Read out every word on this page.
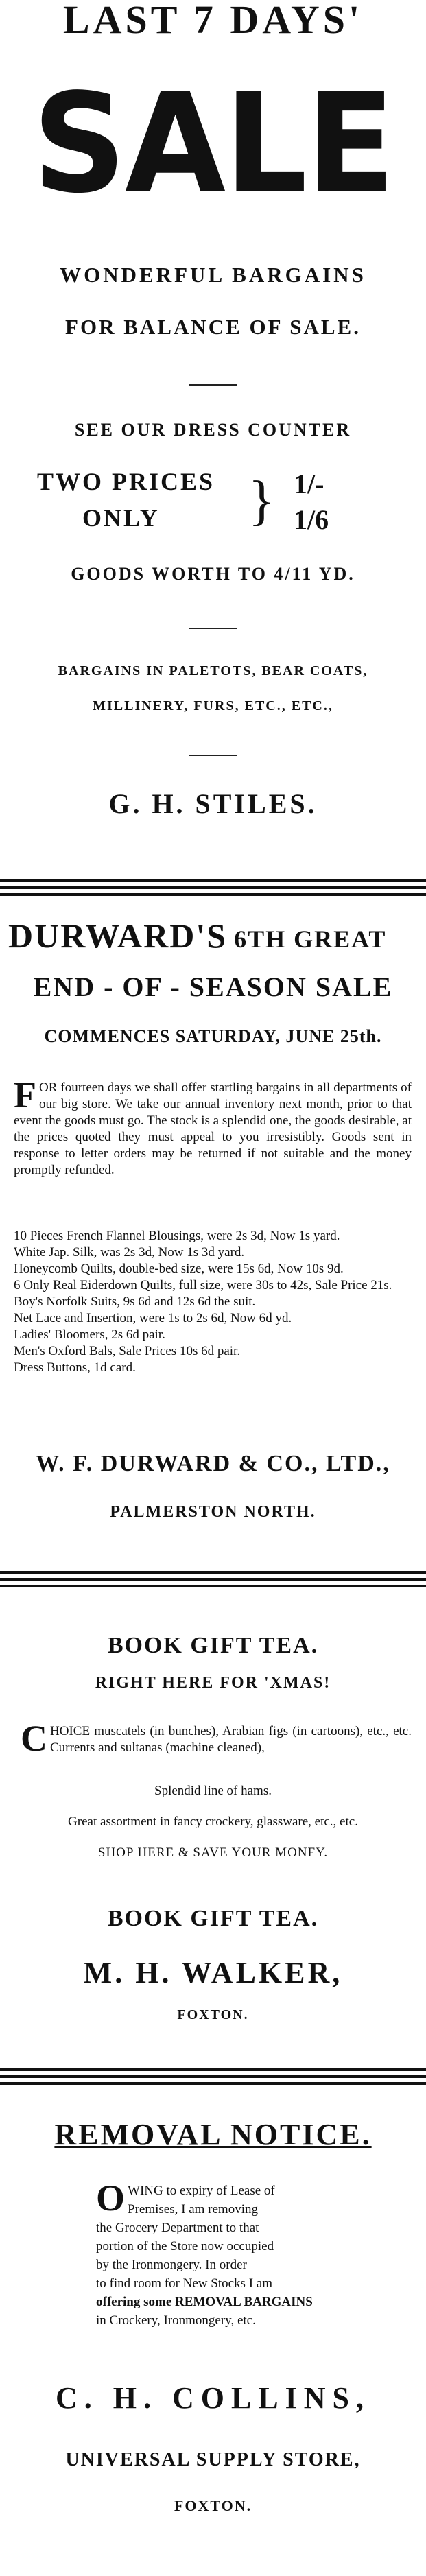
LAST 7 DAYS'
SALE
WONDERFUL BARGAINS
FOR BALANCE OF SALE.
SEE OUR DRESS COUNTER
TWO PRICES
ONLY } 1/-
1/6
GOODS WORTH TO 4/11 YD.
BARGAINS IN PALETOTS, BEAR COATS,
MILLINERY, FURS, ETC., ETC.,
G. H. STILES.
DURWARD'S 6TH GREAT
END - OF - SEASON SALE
COMMENCES SATURDAY, JUNE 25th.
F OR fourteen days we shall offer startling bargains in all departments of our big store. We take our annual inventory next month, prior to that event the goods must go. The stock is a splendid one, the goods desirable, at the prices quoted they must appeal to you irresistibly. Goods sent in response to letter orders may be returned if not suitable and the money promptly refunded.
10 Pieces French Flannel Blousings, were 2s 3d, Now 1s yard.
White Jap. Silk, was 2s 3d, Now 1s 3d yard.
Honeycomb Quilts, double-bed size, were 15s 6d, Now 10s 9d.
6 Only Real Eiderdown Quilts, full size, were 30s to 42s, Sale Price 21s.
Boy's Norfolk Suits, 9s 6d and 12s 6d the suit.
Net Lace and Insertion, were 1s to 2s 6d, Now 6d yd.
Ladies' Bloomers, 2s 6d pair.
Men's Oxford Bals, Sale Prices 10s 6d pair.
Dress Buttons, 1d card.
W. F. DURWARD & CO., LTD.,
PALMERSTON NORTH.
BOOK GIFT TEA.
RIGHT HERE FOR 'XMAS!
C HOICE muscatels (in bunches), Arabian figs (in cartoons), etc., etc. Currents and sultanas (machine cleaned),
Splendid line of hams.
Great assortment in fancy crockery, glassware, etc., etc.
SHOP HERE & SAVE YOUR MONFY.
BOOK GIFT TEA.
M. H. WALKER,
FOXTON.
REMOVAL NOTICE.
O WING to expiry of Lease of
Premises, I am removing
the Grocery Department to that
portion of the Store now occupied
by the Ironmongery. In order
to find room for New Stocks I am
offering some REMOVAL BARGAINS
in Crockery, Ironmongery, etc.
C. H. COLLINS,
UNIVERSAL SUPPLY STORE,
FOXTON.
